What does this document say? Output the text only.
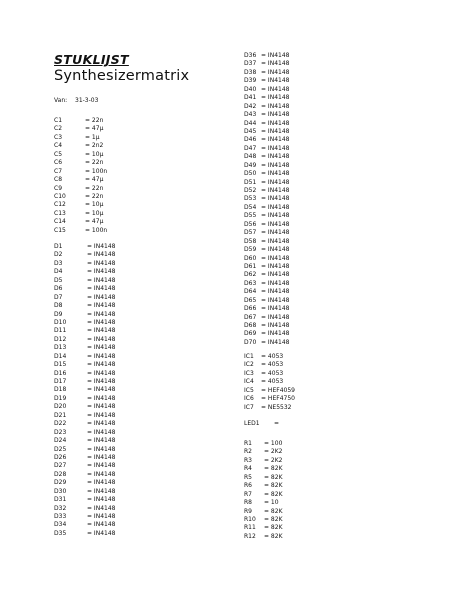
STUKLIJST
Synthesizermatrix
Van: 31-3-03
C1	= 22n
C2	= 47µ
C3	= 1µ
C4	= 2n2
C5	= 10µ
C6	= 22n
C7	= 100n
C8	= 47µ
C9	= 22n
C10	= 22n
C12	= 10µ
C13	= 10µ
C14	= 47µ
C15	= 100n
D1	= IN4148
D2	= IN4148
D3	= IN4148
D4	= IN4148
D5	= IN4148
D6	= IN4148
D7	= IN4148
D8	= IN4148
D9	= IN4148
D10	= IN4148
D11	= IN4148
D12	= IN4148
D13	= IN4148
D14	= IN4148
D15	= IN4148
D16	= IN4148
D17	= IN4148
D18	= IN4148
D19	= IN4148
D20	= IN4148
D21	= IN4148
D22	= IN4148
D23	= IN4148
D24	= IN4148
D25	= IN4148
D26	= IN4148
D27	= IN4148
D28	= IN4148
D29	= IN4148
D30	= IN4148
D31	= IN4148
D32	= IN4148
D33	= IN4148
D34	= IN4148
D35	= IN4148
D36 = IN4148
D37 = IN4148
D38 = IN4148
D39 = IN4148
D40 = IN4148
D41 = IN4148
D42 = IN4148
D43 = IN4148
D44 = IN4148
D45 = IN4148
D46 = IN4148
D47 = IN4148
D48 = IN4148
D49 = IN4148
D50 = IN4148
D51 = IN4148
D52 = IN4148
D53 = IN4148
D54 = IN4148
D55 = IN4148
D56 = IN4148
D57 = IN4148
D58 = IN4148
D59 = IN4148
D60 = IN4148
D61 = IN4148
D62 = IN4148
D63 = IN4148
D64 = IN4148
D65 = IN4148
D66 = IN4148
D67 = IN4148
D68 = IN4148
D69 = IN4148
D70 = IN4148
IC1 = 4053
IC2 = 4053
IC3 = 4053
IC4 = 4053
IC5 = HEF4059
IC6 = HEF4750
IC7 = NE5532
LED1 =
R1 = 100
R2 = 2K2
R3 = 2K2
R4 = 82K
R5 = 82K
R6 = 82K
R7 = 82K
R8 = 10
R9 = 82K
R10 = 82K
R11 = 82K
R12 = 82K
